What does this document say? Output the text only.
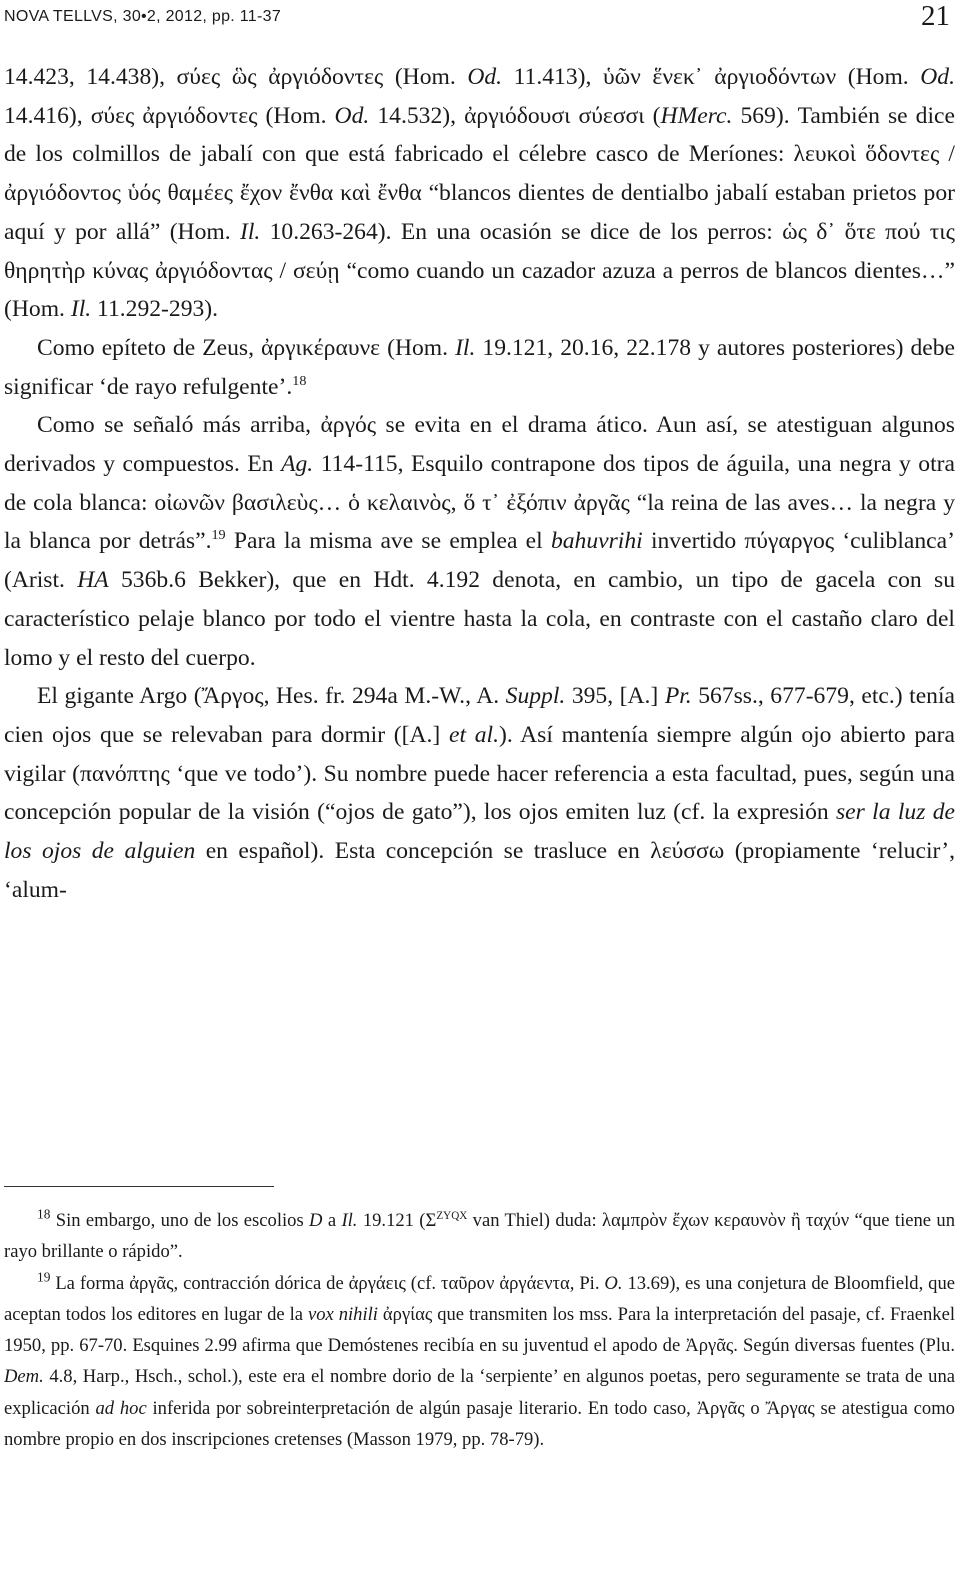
NOVA TELLVS, 30•2, 2012, pp. 11-37	21

14.423, 14.438), σύες ὣς ἀργιόδοντες (Hom. Od. 11.413), ὑῶν ἕνεκ᾽ ἀργιοδόντων (Hom. Od. 14.416), σύες ἀργιόδοντες (Hom. Od. 14.532), ἀργιόδουσι σύεσσι (HMerc. 569). También se dice de los colmillos de jabalí con que está fabricado el célebre casco de Meríones: λευκοὶ ὅδοντες / ἀργιόδοντος ὑός θαμέες ἔχον ἔνθα καὶ ἔνθα “blancos dientes de dentialbo jabalí estaban prietos por aquí y por allá” (Hom. Il. 10.263-264). En una ocasión se dice de los perros: ὡς δ᾽ ὅτε πού τις θηρητὴρ κύνας ἀργιόδοντας / σεύῃ “como cuando un cazador azuza a perros de blancos dientes…” (Hom. Il. 11.292-293).

Como epíteto de Zeus, ἀργικέραυνε (Hom. Il. 19.121, 20.16, 22.178 y autores posteriores) debe significar ‘de rayo refulgente’.$^{18}$

Como se señaló más arriba, ἀργός se evita en el drama ático. Aun así, se atestiguan algunos derivados y compuestos. En Ag. 114-115, Esquilo contrapone dos tipos de águila, una negra y otra de cola blanca: οἰωνῶν βασιλεὺς… ὁ κελαινὸς, ὅ τ᾽ ἐξόπιν ἀργᾶς “la reina de las aves… la negra y la blanca por detrás”.$^{19}$ Para la misma ave se emplea el bahuvrihi invertido πύγαργος ‘culiblanca’ (Arist. HA 536b.6 Bekker), que en Hdt. 4.192 denota, en cambio, un tipo de gacela con su característico pelaje blanco por todo el vientre hasta la cola, en contraste con el castaño claro del lomo y el resto del cuerpo.

El gigante Argo (Ἄργος, Hes. fr. 294a M.-W., A. Suppl. 395, [A.] Pr. 567ss., 677-679, etc.) tenía cien ojos que se relevaban para dormir ([A.] et al.). Así mantenía siempre algún ojo abierto para vigilar (πανόπτης ‘que ve todo’). Su nombre puede hacer referencia a esta facultad, pues, según una concepción popular de la visión (“ojos de gato”), los ojos emiten luz (cf. la expresión ser la luz de los ojos de alguien en español). Esta concepción se trasluce en λεύσσω (propiamente ‘relucir’, ‘alum-

$^{18}$ Sin embargo, uno de los escolios D a Il. 19.121 ($\Sigma^{ZYQX}$ van Thiel) duda: λαμπρὸν ἔχων κεραυνὸν ἢ ταχύν “que tiene un rayo brillante o rápido”.

$^{19}$ La forma ἀργᾶς, contracción dórica de ἀργάεις (cf. ταῦρον ἀργάεντα, Pi. O. 13.69), es una conjetura de Bloomfield, que aceptan todos los editores en lugar de la vox nihili ἀργίας que transmiten los mss. Para la interpretación del pasaje, cf. Fraenkel 1950, pp. 67-70. Esquines 2.99 afirma que Demóstenes recibía en su juventud el apodo de Ἀργᾶς. Según diversas fuentes (Plu. Dem. 4.8, Harp., Hsch., schol.), este era el nombre dorio de la ‘serpiente’ en algunos poetas, pero seguramente se trata de una explicación ad hoc inferida por sobreinterpretación de algún pasaje literario. En todo caso, Ἀργᾶς o Ἄργας se atestigua como nombre propio en dos inscripciones cretenses (Masson 1979, pp. 78-79).
